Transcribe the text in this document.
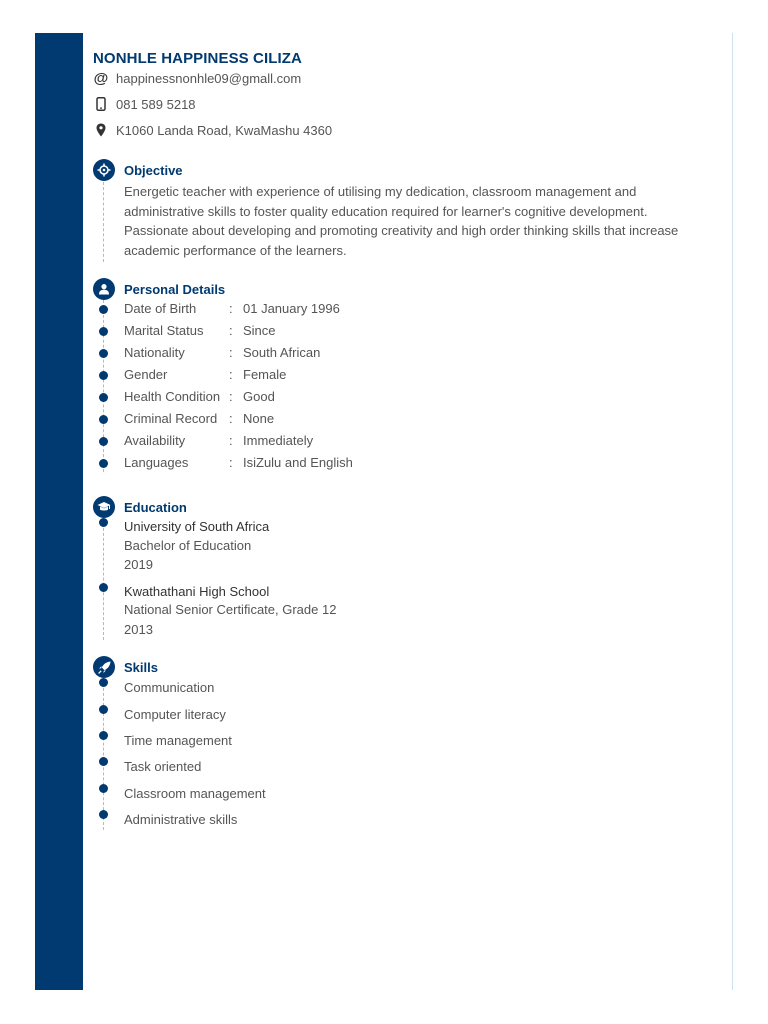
NONHLE HAPPINESS CILIZA
@ happinessnonhle09@gmall.com
081 589 5218
K1060 Landa Road, KwaMashu 4360
Objective
Energetic teacher with experience of utilising my dedication, classroom management and
administrative skills to foster quality education required for learner's cognitive development.
Passionate about developing and promoting creativity and high order thinking skills that increase
academic performance of the learners.
Personal Details
Date of Birth	: 01 January 1996
Marital Status	: Since
Nationality	: South African
Gender	: Female
Health Condition : Good
Criminal Record : None
Availability	: Immediately
Languages	: IsiZulu and English
Education
University of South Africa
Bachelor of Education
2019
Kwathathani High School
National Senior Certificate, Grade 12
2013
Skills
Communication
Computer literacy
Time management
Task oriented
Classroom management
Administrative skills
